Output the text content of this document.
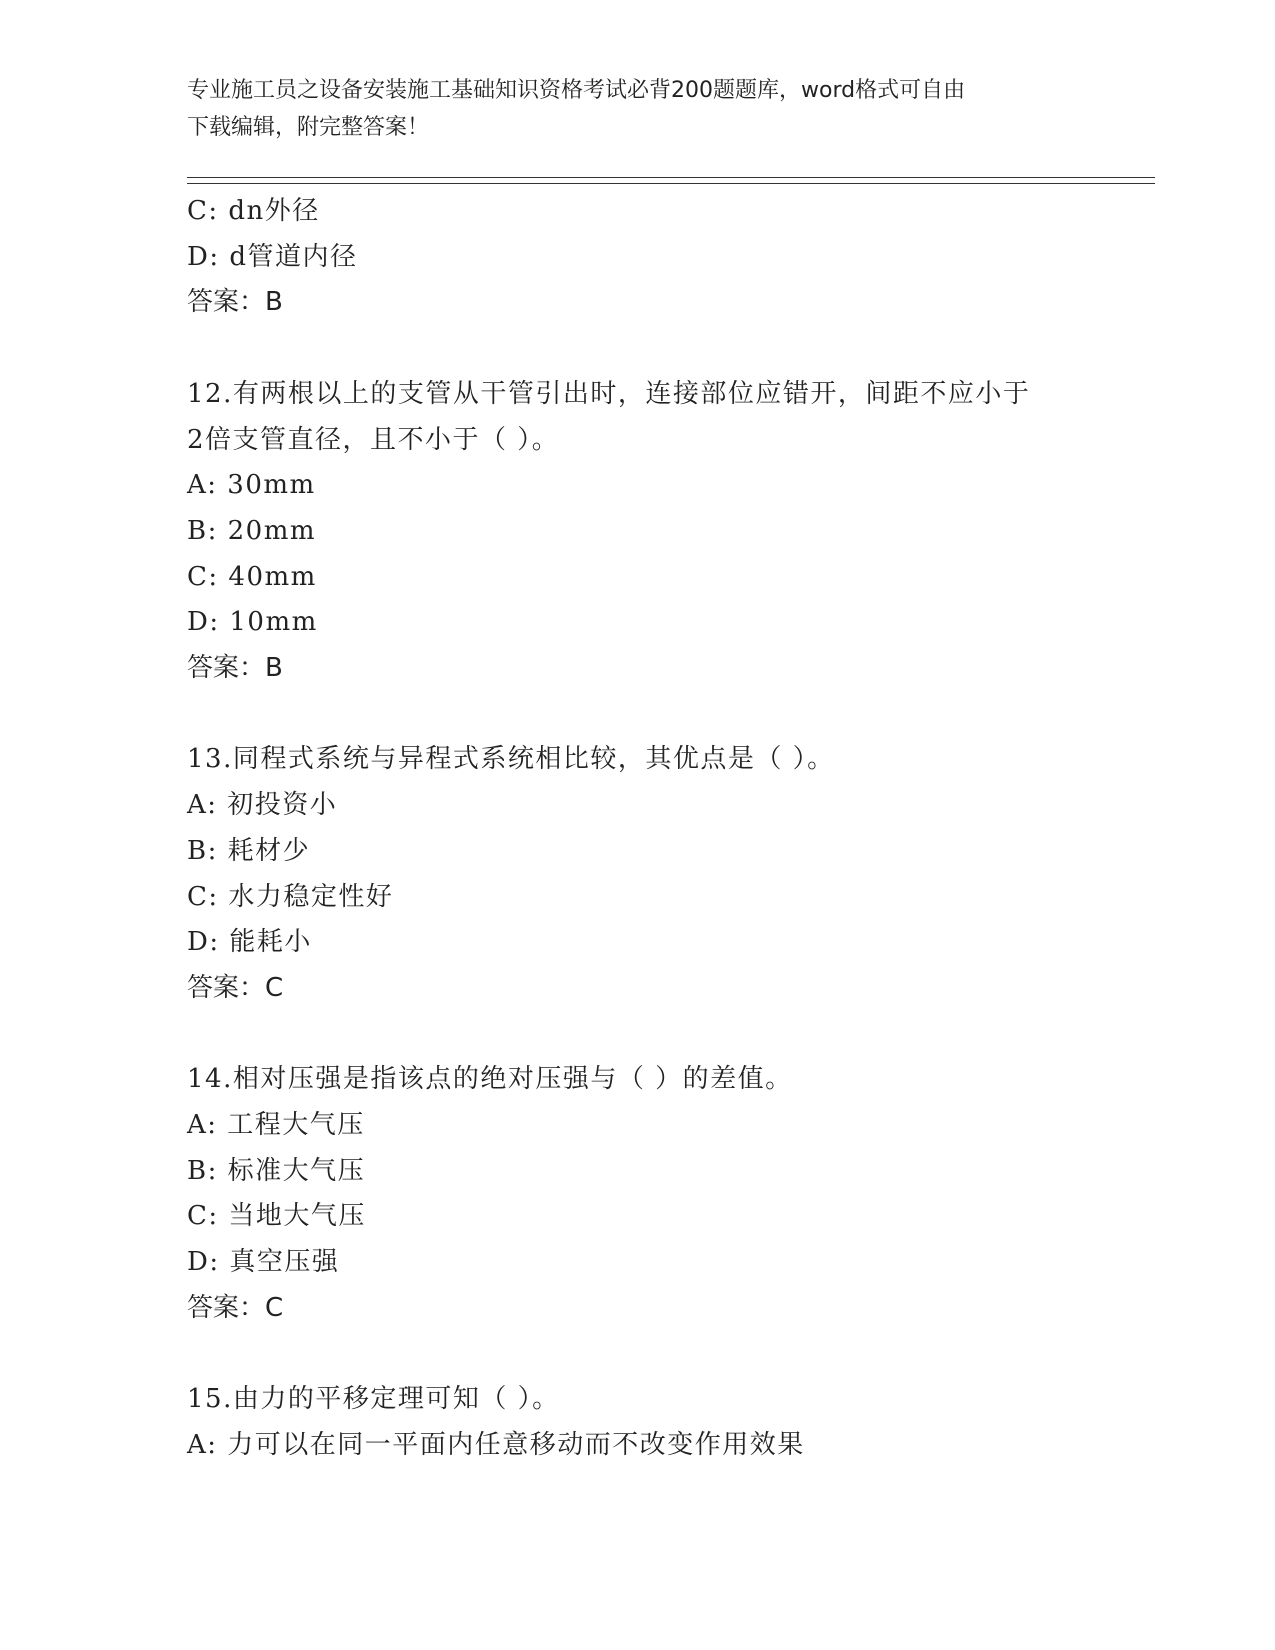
专业施工员之设备安装施工基础知识资格考试必背200题题库，word格式可自由
下载编辑，附完整答案！
C: dn外径
D: d管道内径
答案：B
12.有两根以上的支管从干管引出时，连接部位应错开，间距不应小于
2倍支管直径，且不小于（ ）。
A: 30mm
B: 20mm
C: 40mm
D: 10mm
答案：B
13.同程式系统与异程式系统相比较，其优点是（ ）。
A: 初投资小
B: 耗材少
C: 水力稳定性好
D: 能耗小
答案：C
14.相对压强是指该点的绝对压强与（ ）的差值。
A: 工程大气压
B: 标准大气压
C: 当地大气压
D: 真空压强
答案：C
15.由力的平移定理可知（ ）。
A: 力可以在同一平面内任意移动而不改变作用效果
